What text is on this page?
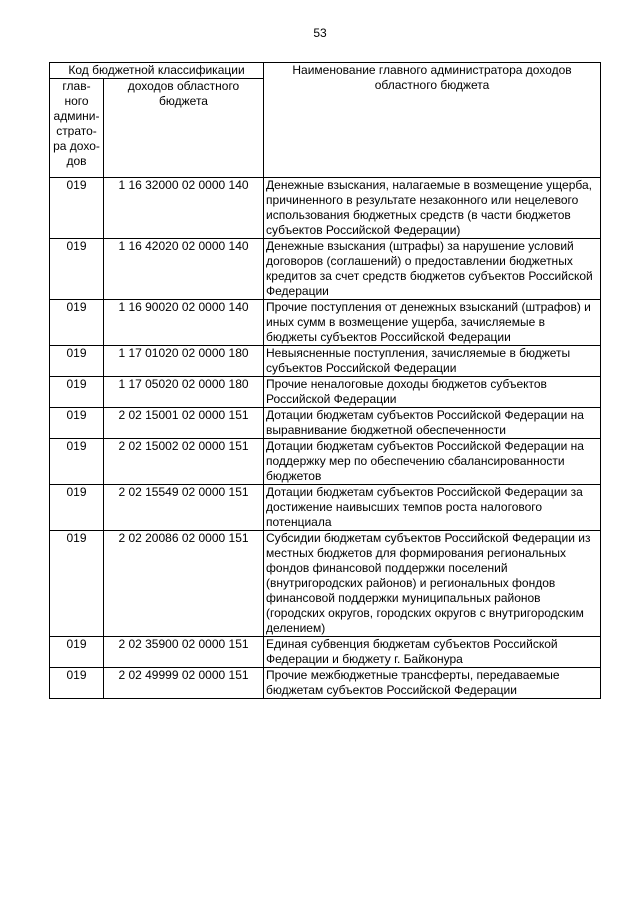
53
Код бюджетной классификации		Наименование главного администратора доходов областного бюджета
глав-ного админи-страто-ра дохо-дов	доходов областного бюджета	
019	1 16 32000 02 0000 140	Денежные взыскания, налагаемые в возмещение ущерба, причиненного в результате незаконного или нецелевого использования бюджетных средств (в части бюджетов субъектов Российской Федерации)
019	1 16 42020 02 0000 140	Денежные взыскания (штрафы) за нарушение условий договоров (соглашений) о предоставлении бюджетных кредитов за счет средств бюджетов субъектов Российской Федерации
019	1 16 90020 02 0000 140	Прочие поступления от денежных взысканий (штрафов) и иных сумм в возмещение ущерба, зачисляемые в бюджеты субъектов Российской Федерации
019	1 17 01020 02 0000 180	Невыясненные поступления, зачисляемые в бюджеты субъектов Российской Федерации
019	1 17 05020 02 0000 180	Прочие неналоговые доходы бюджетов субъектов Российской Федерации
019	2 02 15001 02 0000 151	Дотации бюджетам субъектов Российской Федерации на выравнивание бюджетной обеспеченности
019	2 02 15002 02 0000 151	Дотации бюджетам субъектов Российской Федерации на поддержку мер по обеспечению сбалансированности бюджетов
019	2 02 15549 02 0000 151	Дотации бюджетам субъектов Российской Федерации за достижение наивысших темпов роста налогового потенциала
019	2 02 20086 02 0000 151	Субсидии бюджетам субъектов Российской Федерации из местных бюджетов для формирования региональных фондов финансовой поддержки поселений (внутригородских районов) и региональных фондов финансовой поддержки муниципальных районов (городских округов, городских округов с внутригородским делением)
019	2 02 35900 02 0000 151	Единая субвенция бюджетам субъектов Российской Федерации и бюджету г. Байконура
019	2 02 49999 02 0000 151	Прочие межбюджетные трансферты, передаваемые бюджетам субъектов Российской Федерации
